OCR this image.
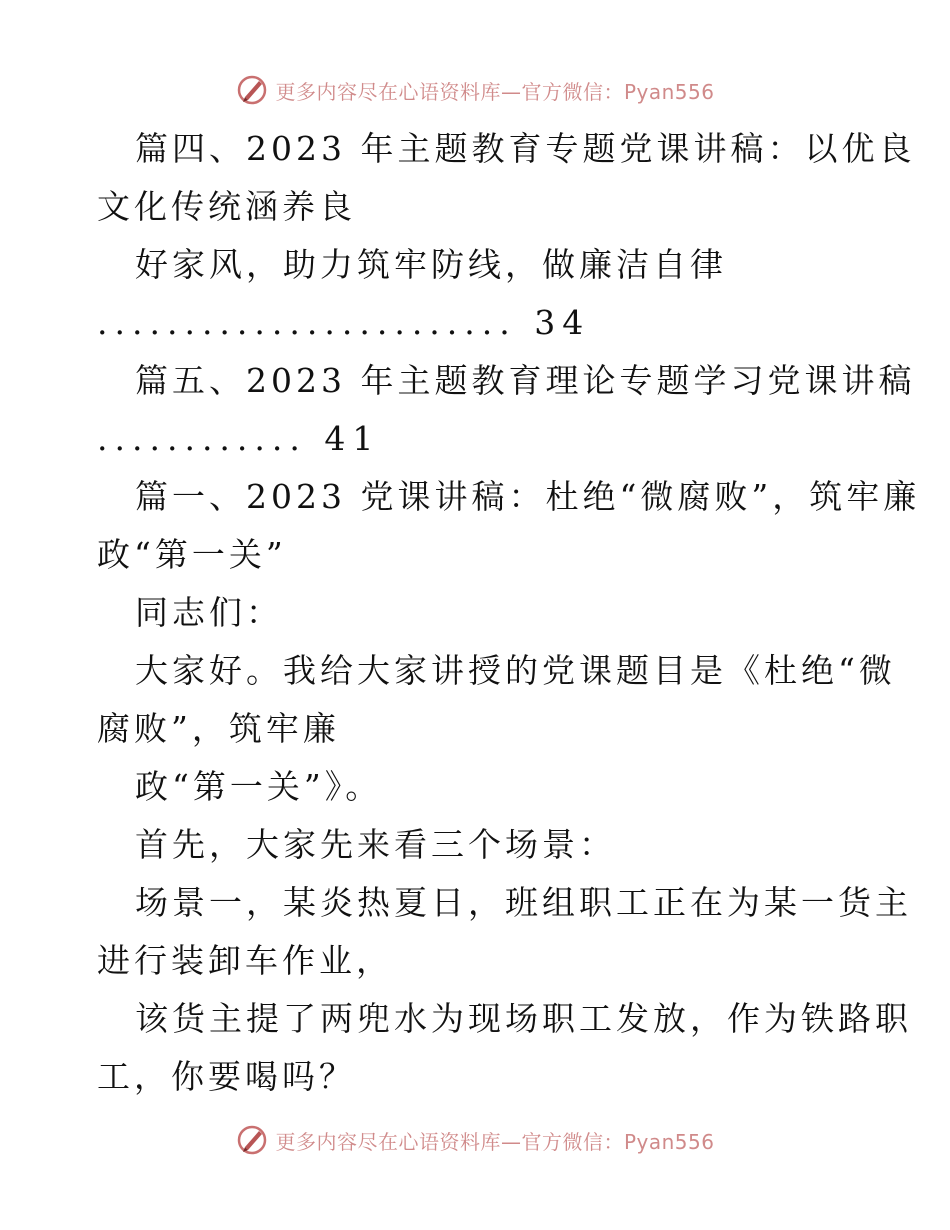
更多内容尽在心语资料库—官方微信：Pyan556
篇四、2023 年主题教育专题党课讲稿：以优良
文化传统涵养良
好家风，助力筑牢防线，做廉洁自律
........................ 34
篇五、2023 年主题教育理论专题学习党课讲稿
............ 41
篇一、2023 党课讲稿：杜绝“微腐败”，筑牢廉
政“第一关”
同志们：
大家好。我给大家讲授的党课题目是《杜绝“微
腐败”，筑牢廉
政“第一关”》。
首先，大家先来看三个场景：
场景一，某炎热夏日，班组职工正在为某一货主
进行装卸车作业，
该货主提了两兜水为现场职工发放，作为铁路职
工，你要喝吗？
更多内容尽在心语资料库—官方微信：Pyan556
